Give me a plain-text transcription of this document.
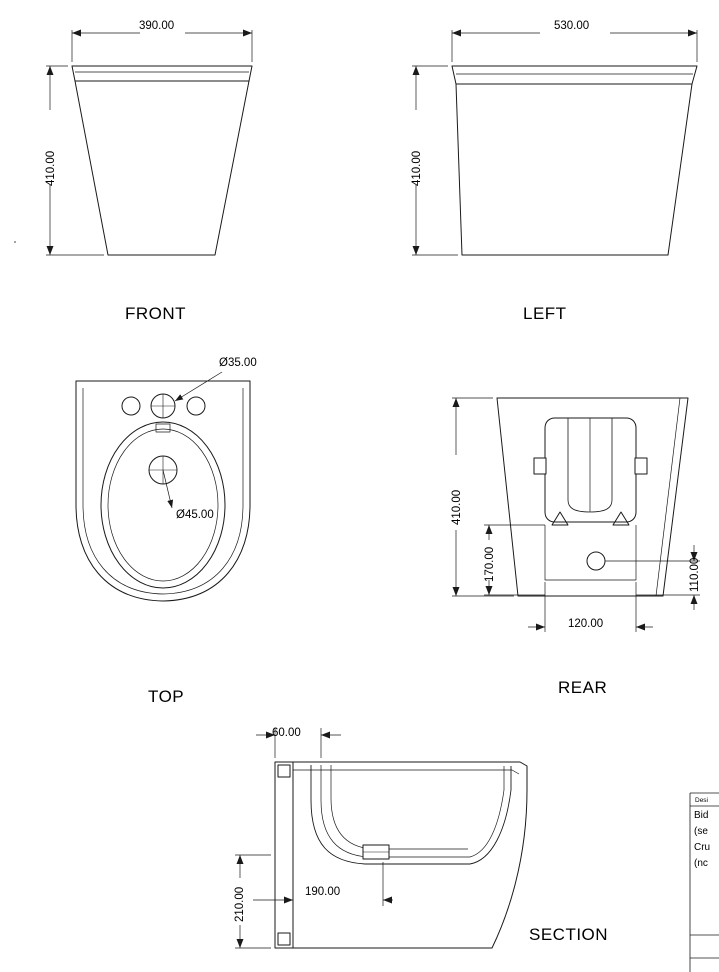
FRONT	LEFT
TOP	REAR
SECTION
390.00
410.00
530.00
410.00
Ø35.00
Ø45.00	410.00
170.00	110.00
120.00
60.00
210.00	190.00
Desi
Bid
(se
Cru
(nc
